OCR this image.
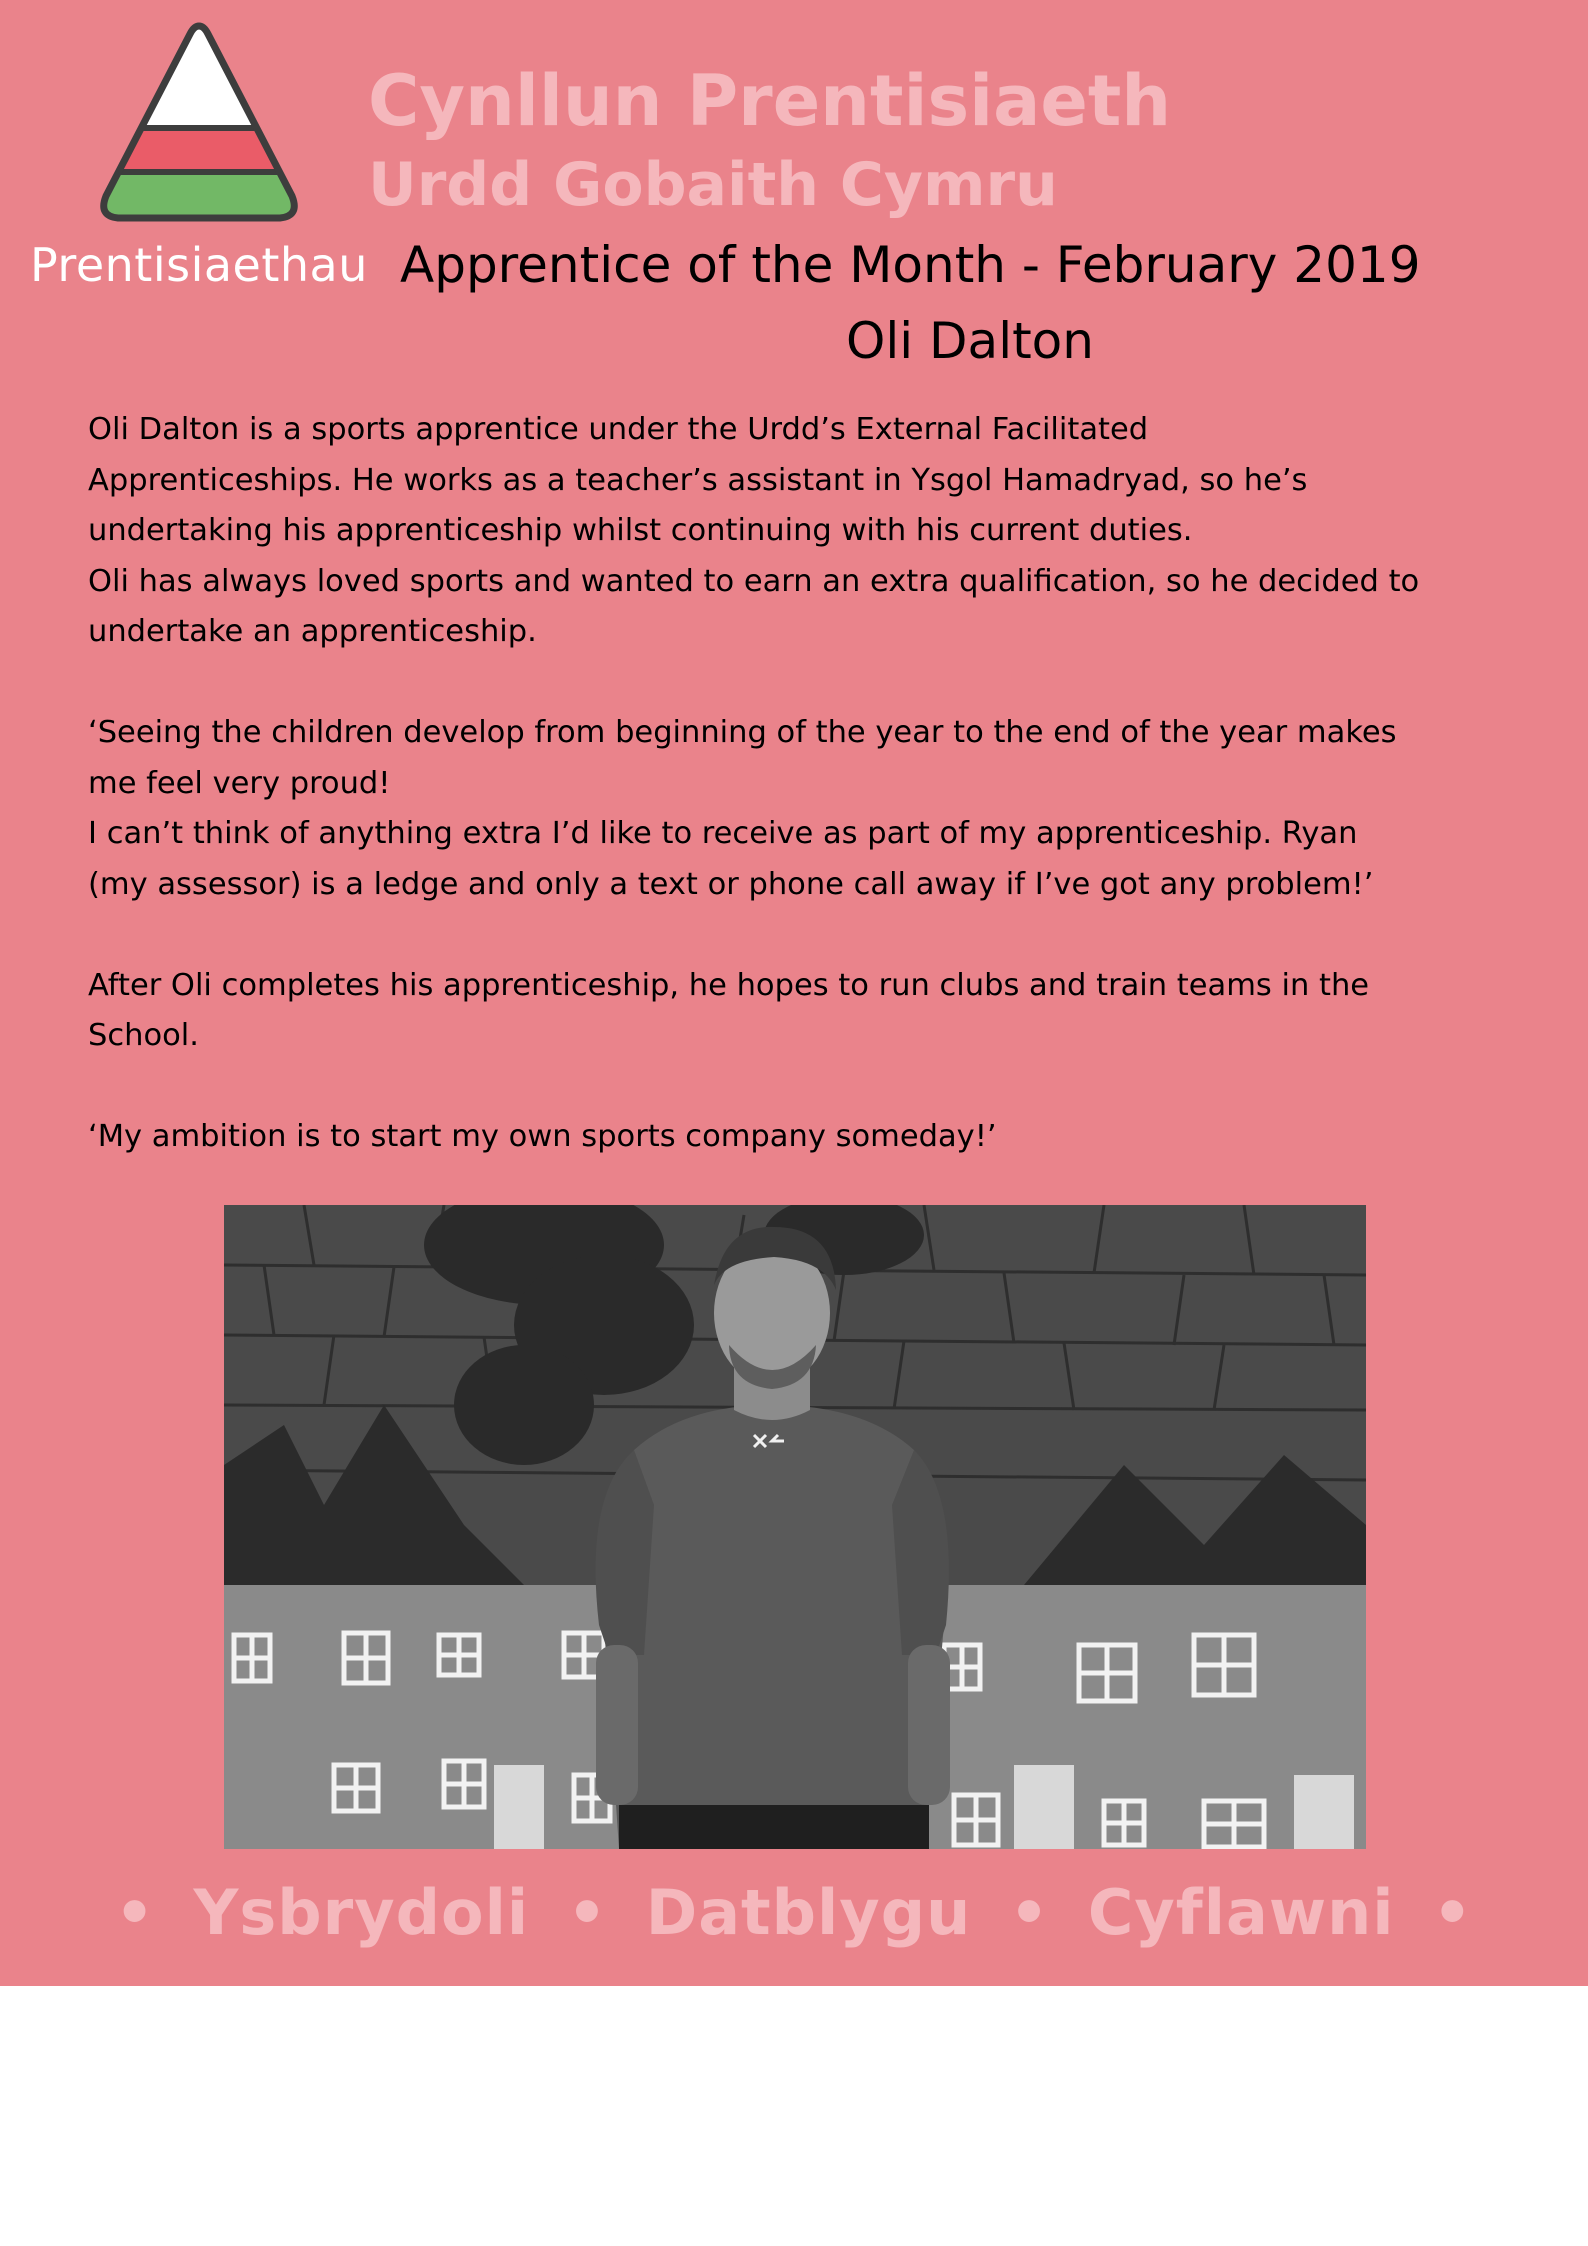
Prentisiaethau
Cynllun Prentisiaeth
Urdd Gobaith Cymru
Apprentice of the Month - February 2019
Oli Dalton

Oli Dalton is a sports apprentice under the Urdd’s External Facilitated
Apprenticeships. He works as a teacher’s assistant in Ysgol Hamadryad, so he’s
undertaking his apprenticeship whilst continuing with his current duties.

Oli has always loved sports and wanted to earn an extra qualification, so he decided to
undertake an apprenticeship.

‘Seeing the children develop from beginning of the year to the end of the year makes
me feel very proud!

I can’t think of anything extra I’d like to receive as part of my apprenticeship. Ryan
(my assessor) is a ledge and only a text or phone call away if I’ve got any problem!’

After Oli completes his apprenticeship, he hopes to run clubs and train teams in the
School.

‘My ambition is to start my own sports company someday!’

• Ysbrydoli • Datblygu • Cyflawni •
